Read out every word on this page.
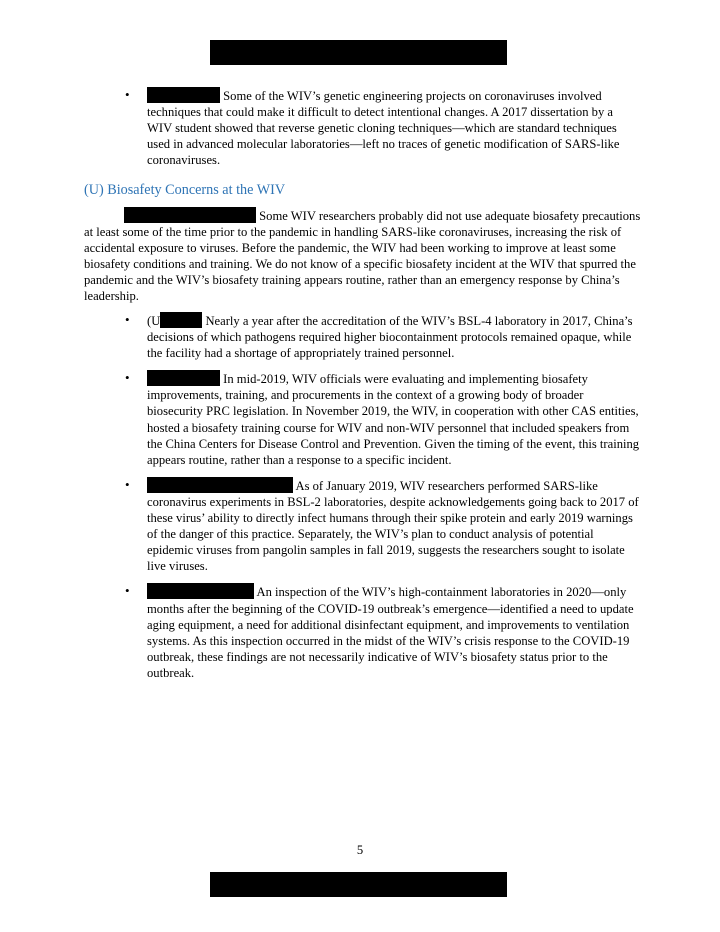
•	Some of the WIV’s genetic engineering projects on coronaviruses involved techniques that could make it difficult to detect intentional changes. A 2017 dissertation by a WIV student showed that reverse genetic cloning techniques—which are standard techniques used in advanced molecular laboratories—left no traces of genetic modification of SARS-like coronaviruses.
(U) Biosafety Concerns at the WIV

Some WIV researchers probably did not use adequate biosafety precautions at least some of the time prior to the pandemic in handling SARS-like coronaviruses, increasing the risk of accidental exposure to viruses. Before the pandemic, the WIV had been working to improve at least some biosafety conditions and training. We do not know of a specific biosafety incident at the WIV that spurred the pandemic and the WIV’s biosafety training appears routine, rather than an emergency response by China’s leadership.

• (U	Nearly a year after the accreditation of the WIV’s BSL-4 laboratory in 2017, China’s decisions of which pathogens required higher biocontainment protocols remained opaque, while the facility had a shortage of appropriately trained personnel.
•	In mid-2019, WIV officials were evaluating and implementing biosafety improvements, training, and procurements in the context of a growing body of broader biosecurity PRC legislation. In November 2019, the WIV, in cooperation with other CAS entities, hosted a biosafety training course for WIV and non-WIV personnel that included speakers from the China Centers for Disease Control and Prevention. Given the timing of the event, this training appears routine, rather than a response to a specific incident.
•	As of January 2019, WIV researchers performed SARS-like coronavirus experiments in BSL-2 laboratories, despite acknowledgements going back to 2017 of these virus’ ability to directly infect humans through their spike protein and early 2019 warnings of the danger of this practice. Separately, the WIV’s plan to conduct analysis of potential epidemic viruses from pangolin samples in fall 2019, suggests the researchers sought to isolate live viruses.
•	An inspection of the WIV’s high-containment laboratories in 2020—only months after the beginning of the COVID-19 outbreak’s emergence—identified a need to update aging equipment, a need for additional disinfectant equipment, and improvements to ventilation systems. As this inspection occurred in the midst of the WIV’s crisis response to the COVID-19 outbreak, these findings are not necessarily indicative of WIV’s biosafety status prior to the outbreak.
5
